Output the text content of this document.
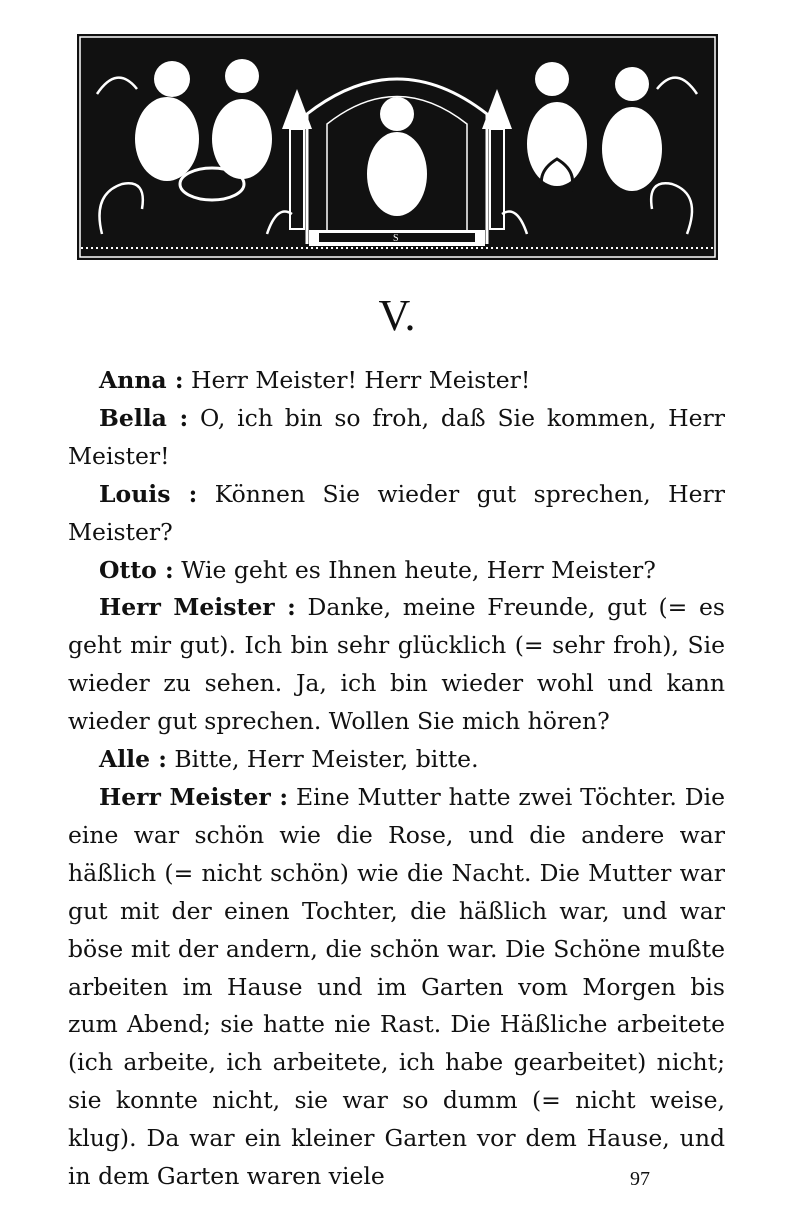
S
V.

Anna : Herr Meister! Herr Meister!

Bella : O, ich bin so froh, daß Sie kommen, Herr Meister!

Louis : Können Sie wieder gut sprechen, Herr Meister?

Otto : Wie geht es Ihnen heute, Herr Meister?

Herr Meister : Danke, meine Freunde, gut (= es geht mir gut). Ich bin sehr glücklich (= sehr froh), Sie wieder zu sehen. Ja, ich bin wieder wohl und kann wieder gut sprechen. Wollen Sie mich hören?

Alle : Bitte, Herr Meister, bitte.

Herr Meister : Eine Mutter hatte zwei Töchter. Die eine war schön wie die Rose, und die andere war häßlich (= nicht schön) wie die Nacht. Die Mutter war gut mit der einen Tochter, die häßlich war, und war böse mit der andern, die schön war. Die Schöne mußte arbeiten im Hause und im Garten vom Morgen bis zum Abend; sie hatte nie Rast. Die Häßliche arbeitete (ich arbeite, ich arbeitete, ich habe gearbeitet) nicht; sie konnte nicht, sie war so dumm (= nicht weise, klug). Da war ein kleiner Garten vor dem Hause, und in dem Garten waren viele	97
